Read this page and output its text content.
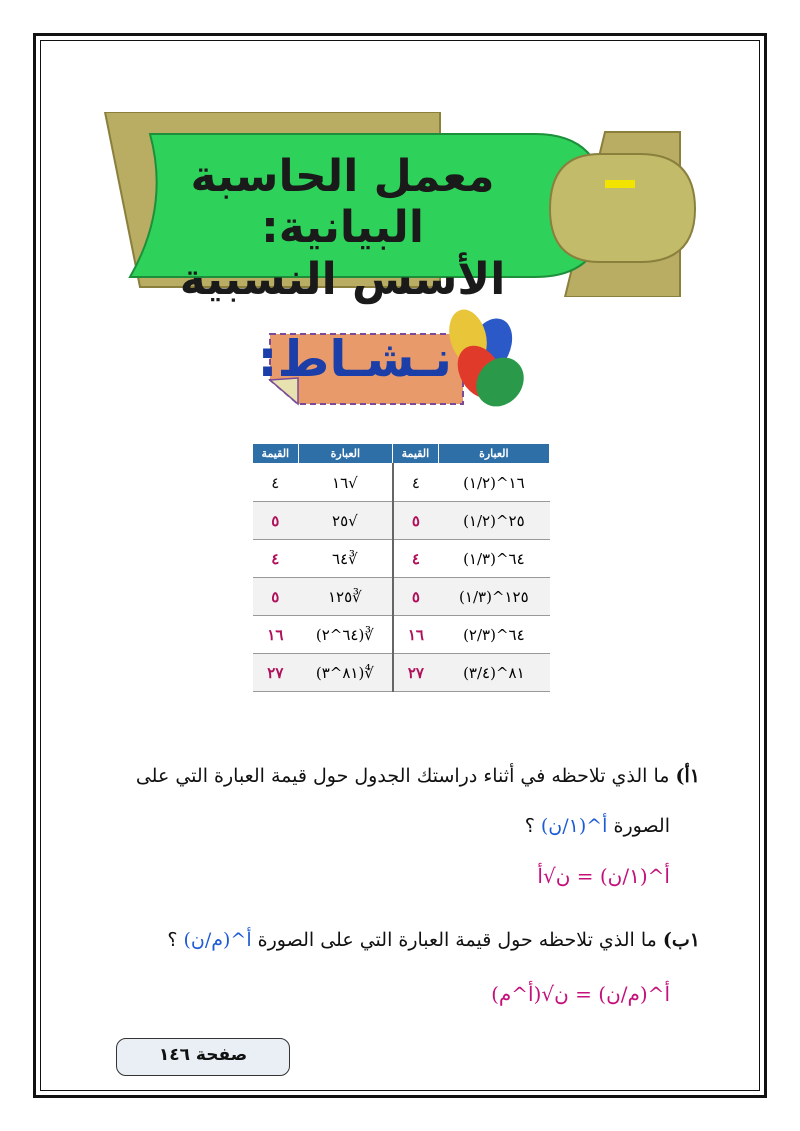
معمل الحاسبة البيانية:
الأسس النسبية
نـشـاط:
العبارة	القيمة	العبارة	القيمة
١٦^(١/٢)	٤	√١٦	٤
٢٥^(١/٢)	٥	√٢٥	٥
٦٤^(١/٣)	٤	∛٦٤	٤
١٢٥^(١/٣)	٥	∛١٢٥	٥
٦٤^(٢/٣)	١٦	∛(٦٤^٢)	١٦
٨١^(٣/٤)	٢٧	∜(٨١^٣)	٢٧
١أ) ما الذي تلاحظه في أثناء دراستك الجدول حول قيمة العبارة التي على
الصورة أ^(١/ن) ؟
أ^(١/ن) = ن√أ
١ب) ما الذي تلاحظه حول قيمة العبارة التي على الصورة أ^(م/ن) ؟
أ^(م/ن) = ن√(أ^م)
صفحة ١٤٦
